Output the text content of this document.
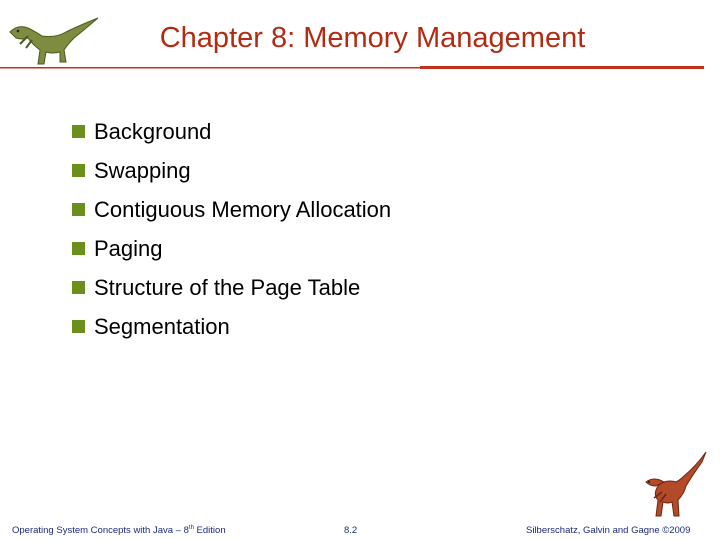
Chapter 8: Memory Management
Background
Swapping
Contiguous Memory Allocation
Paging
Structure of the Page Table
Segmentation
Operating System Concepts with Java – 8th Edition	8.2	Silberschatz, Galvin and Gagne ©2009
